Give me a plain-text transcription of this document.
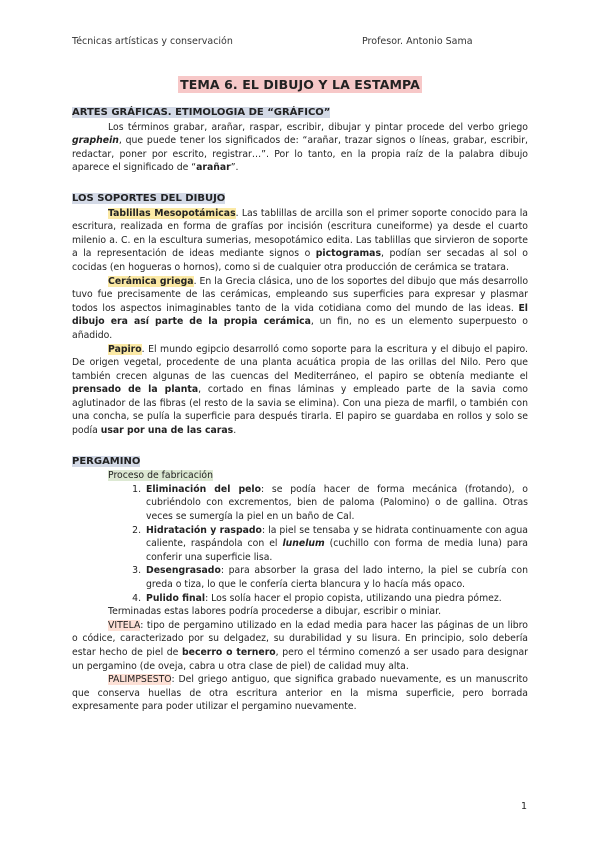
Técnicas artísticas y conservación	Profesor. Antonio Sama
TEMA 6. EL DIBUJO Y LA ESTAMPA
ARTES GRÁFICAS. ETIMOLOGIA DE “GRÁFICO”

Los términos grabar, arañar, raspar, escribir, dibujar y pintar procede del verbo griego graphein, que puede tener los significados de: “arañar, trazar signos o líneas, grabar, escribir, redactar, poner por escrito, registrar…”. Por lo tanto, en la propia raíz de la palabra dibujo aparece el significado de “arañar”.

LOS SOPORTES DEL DIBUJO

Tablillas Mesopotámicas. Las tablillas de arcilla son el primer soporte conocido para la escritura, realizada en forma de grafías por incisión (escritura cuneiforme) ya desde el cuarto milenio a. C. en la escultura sumerias, mesopotámico edita. Las tablillas que sirvieron de soporte a la representación de ideas mediante signos o pictogramas, podían ser secadas al sol o cocidas (en hogueras o hornos), como si de cualquier otra producción de cerámica se tratara.

Cerámica griega. En la Grecia clásica, uno de los soportes del dibujo que más desarrollo tuvo fue precisamente de las cerámicas, empleando sus superficies para expresar y plasmar todos los aspectos inimaginables tanto de la vida cotidiana como del mundo de las ideas. El dibujo era así parte de la propia cerámica, un fin, no es un elemento superpuesto o añadido.

Papiro. El mundo egipcio desarrolló como soporte para la escritura y el dibujo el papiro. De origen vegetal, procedente de una planta acuática propia de las orillas del Nilo. Pero que también crecen algunas de las cuencas del Mediterráneo, el papiro se obtenía mediante el prensado de la planta, cortado en finas láminas y empleado parte de la savia como aglutinador de las fibras (el resto de la savia se elimina). Con una pieza de marfil, o también con una concha, se pulía la superficie para después tirarla. El papiro se guardaba en rollos y solo se podía usar por una de las caras.

PERGAMINO
Proceso de fabricación
1. Eliminación del pelo: se podía hacer de forma mecánica (frotando), o cubriéndolo con excrementos, bien de paloma (Palomino) o de gallina. Otras veces se sumergía la piel en un baño de Cal.
2. Hidratación y raspado: la piel se tensaba y se hidrata continuamente con agua caliente, raspándola con el lunelum (cuchillo con forma de media luna) para conferir una superficie lisa.
3. Desengrasado: para absorber la grasa del lado interno, la piel se cubría con greda o tiza, lo que le confería cierta blancura y lo hacía más opaco.
4. Pulido final: Los solía hacer el propio copista, utilizando una piedra pómez.

Terminadas estas labores podría procederse a dibujar, escribir o miniar.

VITELA: tipo de pergamino utilizado en la edad media para hacer las páginas de un libro o códice, caracterizado por su delgadez, su durabilidad y su lisura. En principio, solo debería estar hecho de piel de becerro o ternero, pero el término comenzó a ser usado para designar un pergamino (de oveja, cabra u otra clase de piel) de calidad muy alta.

PALIMPSESTO: Del griego antiguo, que significa grabado nuevamente, es un manuscrito que conserva huellas de otra escritura anterior en la misma superficie, pero borrada expresamente para poder utilizar el pergamino nuevamente.

1
